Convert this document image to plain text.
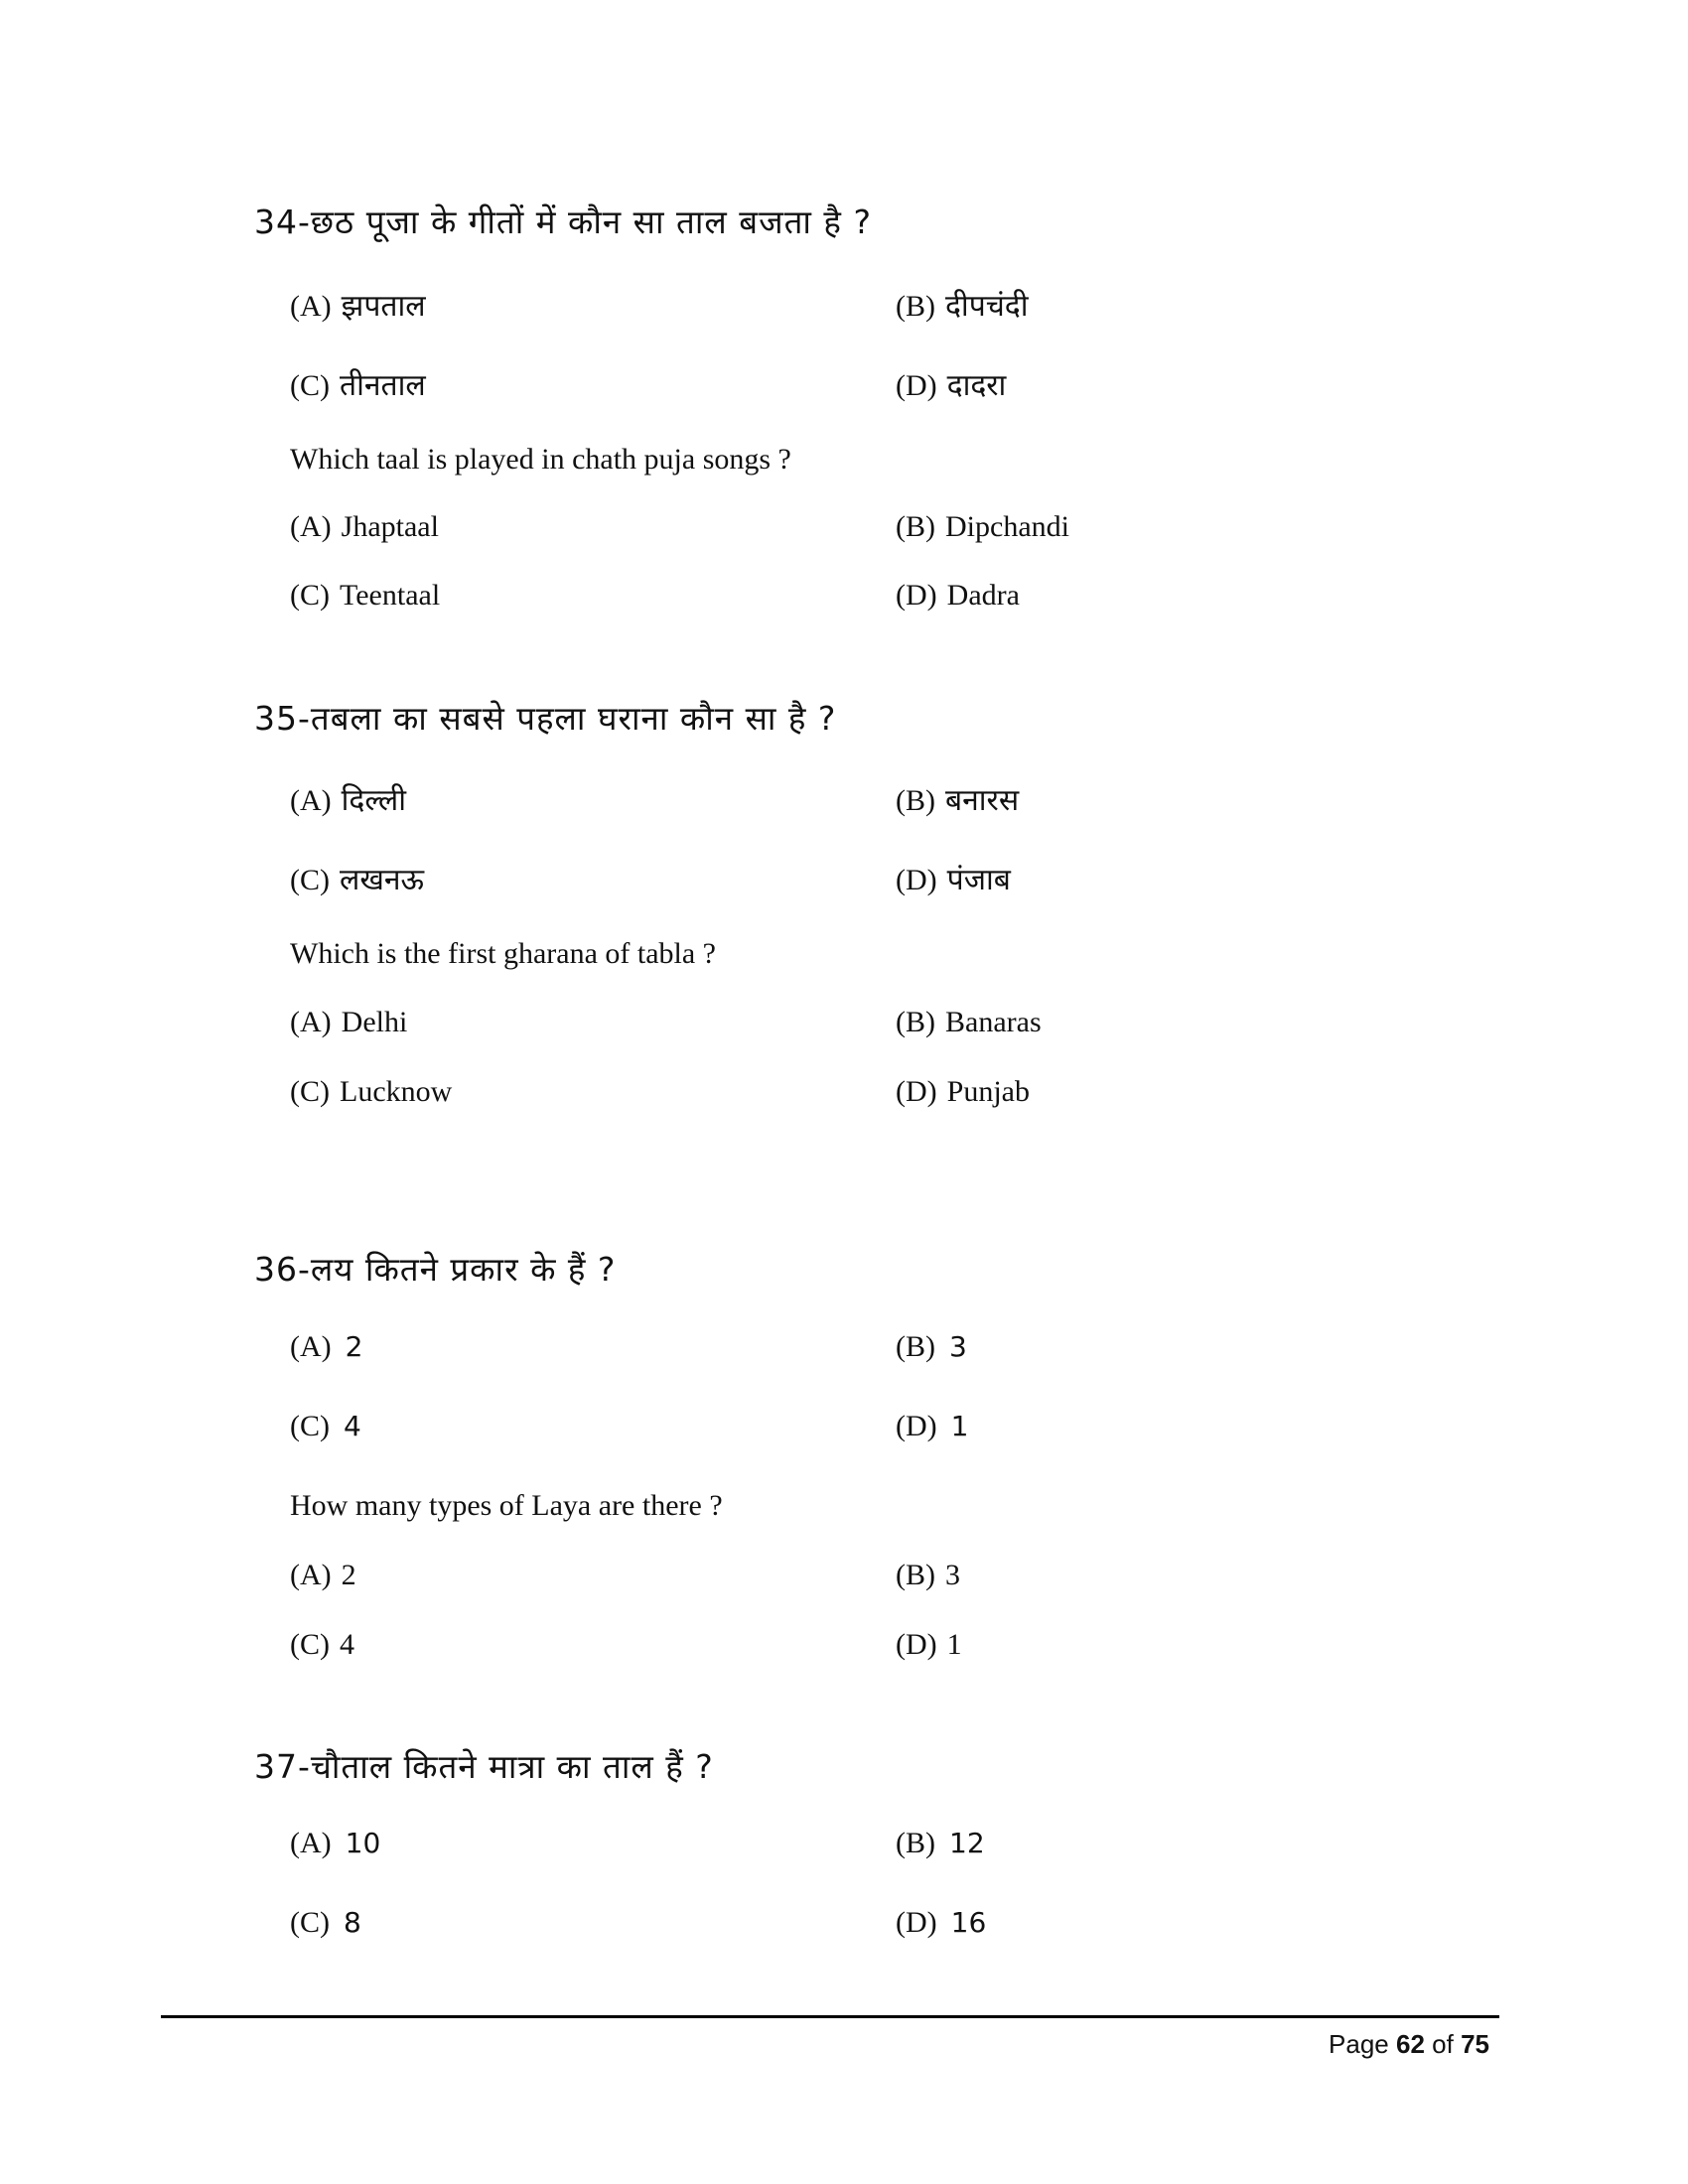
34-छठ पूजा के गीतों में कौन सा ताल बजता है ?
(A) झपताल	(B) दीपचंदी
(C) तीनताल	(D) दादरा
Which taal is played in chath puja songs ?
(A) Jhaptaal	(B) Dipchandi
(C) Teentaal	(D) Dadra
35-तबला का सबसे पहला घराना कौन सा है ?
(A) दिल्ली	(B) बनारस
(C) लखनऊ	(D) पंजाब
Which is the first gharana of tabla ?
(A) Delhi	(B) Banaras
(C) Lucknow	(D) Punjab
36-लय कितने प्रकार के हैं ?
(A) 2	(B) 3
(C) 4	(D) 1
How many types of Laya are there ?
(A) 2	(B) 3
(C) 4	(D) 1
37-चौताल कितने मात्रा का ताल हैं ?
(A) 10	(B) 12
(C) 8	(D) 16
Page 62 of 75
